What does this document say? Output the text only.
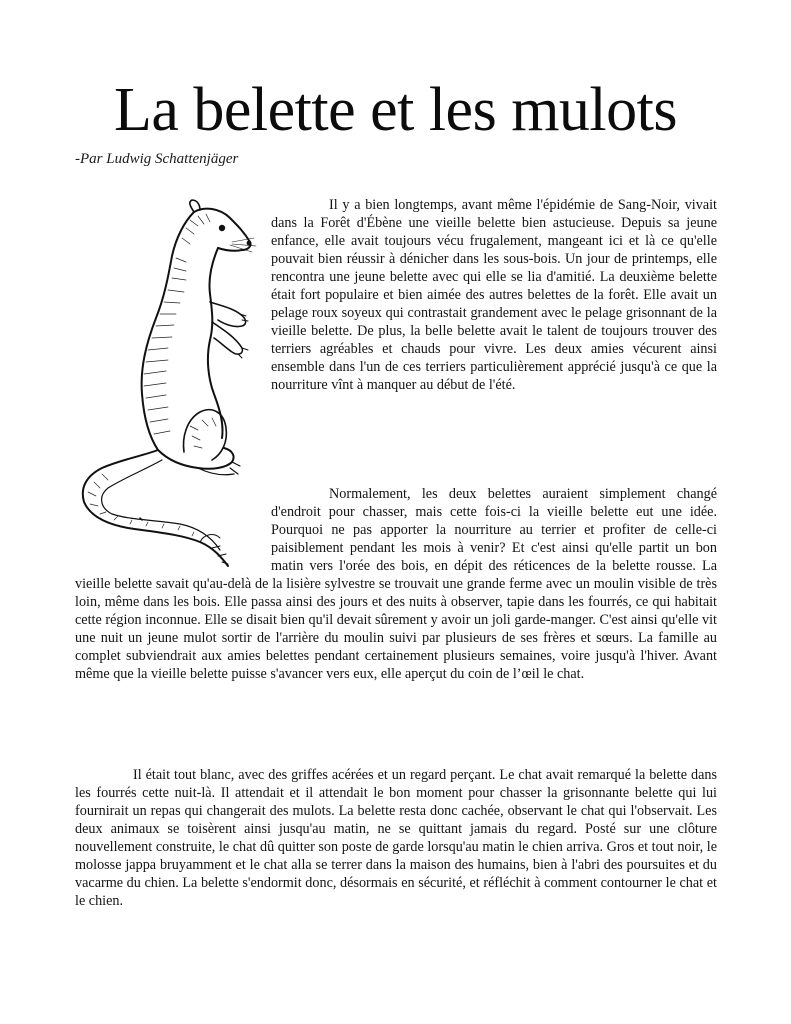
La belette et les mulots
-Par Ludwig Schattenjäger

Il y a bien longtemps, avant même l'épidémie de Sang-Noir, vivait dans la Forêt d'Ébène une vieille belette bien astucieuse. Depuis sa jeune enfance, elle avait toujours vécu frugalement, mangeant ici et là ce qu'elle pouvait bien réussir à dénicher dans les sous-bois. Un jour de printemps, elle rencontra une jeune belette avec qui elle se lia d'amitié. La deuxième belette était fort populaire et bien aimée des autres belettes de la forêt. Elle avait un pelage roux soyeux qui contrastait grandement avec le pelage grisonnant de la vieille belette. De plus, la belle belette avait le talent de toujours trouver des terriers agréables et chauds pour vivre. Les deux amies vécurent ainsi ensemble dans l'un de ces terriers particulièrement apprécié jusqu'à ce que la nourriture vînt à manquer au début de l'été.

Normalement, les deux belettes auraient simplement changé d'endroit pour chasser, mais cette fois-ci la vieille belette eut une idée. Pourquoi ne pas apporter la nourriture au terrier et profiter de celle-ci paisiblement pendant les mois à venir? Et c'est ainsi qu'elle partit un bon matin vers l'orée des bois, en dépit des réticences de la belette rousse. La vieille belette savait qu'au-delà de la lisière sylvestre se trouvait une grande ferme avec un moulin visible de très loin, même dans les bois. Elle passa ainsi des jours et des nuits à observer, tapie dans les fourrés, ce qui habitait cette région inconnue. Elle se disait bien qu'il devait sûrement y avoir un joli garde-manger. C'est ainsi qu'elle vit une nuit un jeune mulot sortir de l'arrière du moulin suivi par plusieurs de ses frères et sœurs. La famille au complet subviendrait aux amies belettes pendant certainement plusieurs semaines, voire jusqu'à l'hiver. Avant même que la vieille belette puisse s'avancer vers eux, elle aperçut du coin de l’œil le chat.

Il était tout blanc, avec des griffes acérées et un regard perçant. Le chat avait remarqué la belette dans les fourrés cette nuit-là. Il attendait et il attendait le bon moment pour chasser la grisonnante belette qui lui fournirait un repas qui changerait des mulots. La belette resta donc cachée, observant le chat qui l'observait. Les deux animaux se toisèrent ainsi jusqu'au matin, ne se quittant jamais du regard. Posté sur une clôture nouvellement construite, le chat dû quitter son poste de garde lorsqu'au matin le chien arriva. Gros et tout noir, le molosse jappa bruyamment et le chat alla se terrer dans la maison des humains, bien à l'abri des poursuites et du vacarme du chien. La belette s'endormit donc, désormais en sécurité, et réfléchit à comment contourner le chat et le chien.
